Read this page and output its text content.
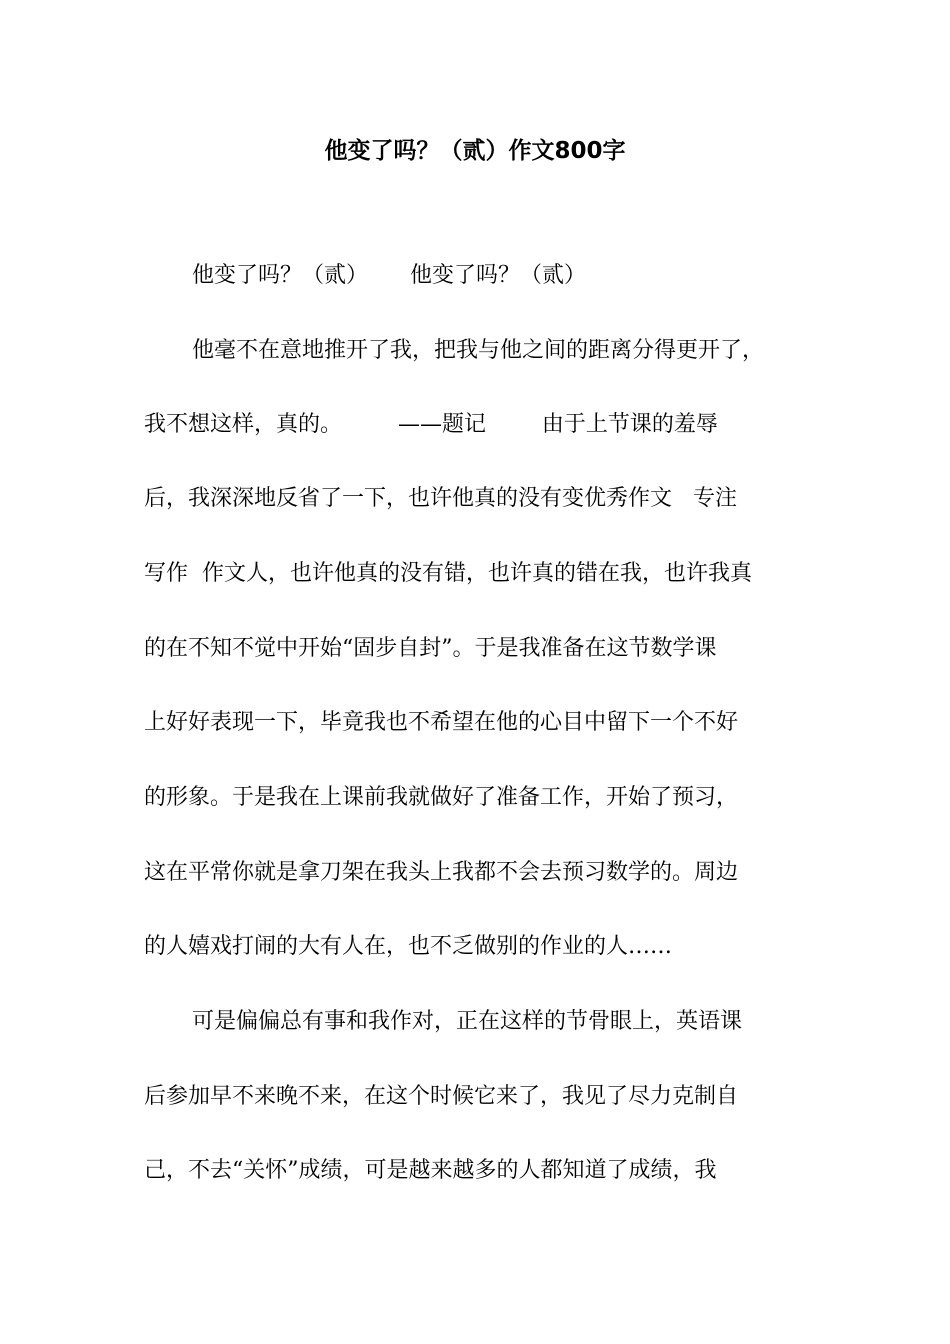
他变了吗？（贰）作文800字
他变了吗？（贰）      他变了吗？（贰）
他毫不在意地推开了我，把我与他之间的距离分得更开了，
我不想这样，真的。        ——题记        由于上节课的羞辱
后，我深深地反省了一下，也许他真的没有变优秀作文   专注
写作  作文人，也许他真的没有错，也许真的错在我，也许我真
的在不知不觉中开始“固步自封”。于是我准备在这节数学课
上好好表现一下，毕竟我也不希望在他的心目中留下一个不好
的形象。于是我在上课前我就做好了准备工作，开始了预习，
这在平常你就是拿刀架在我头上我都不会去预习数学的。周边
的人嬉戏打闹的大有人在，也不乏做别的作业的人……
可是偏偏总有事和我作对，正在这样的节骨眼上，英语课
后参加早不来晚不来，在这个时候它来了，我见了尽力克制自
己，不去“关怀”成绩，可是越来越多的人都知道了成绩，我
